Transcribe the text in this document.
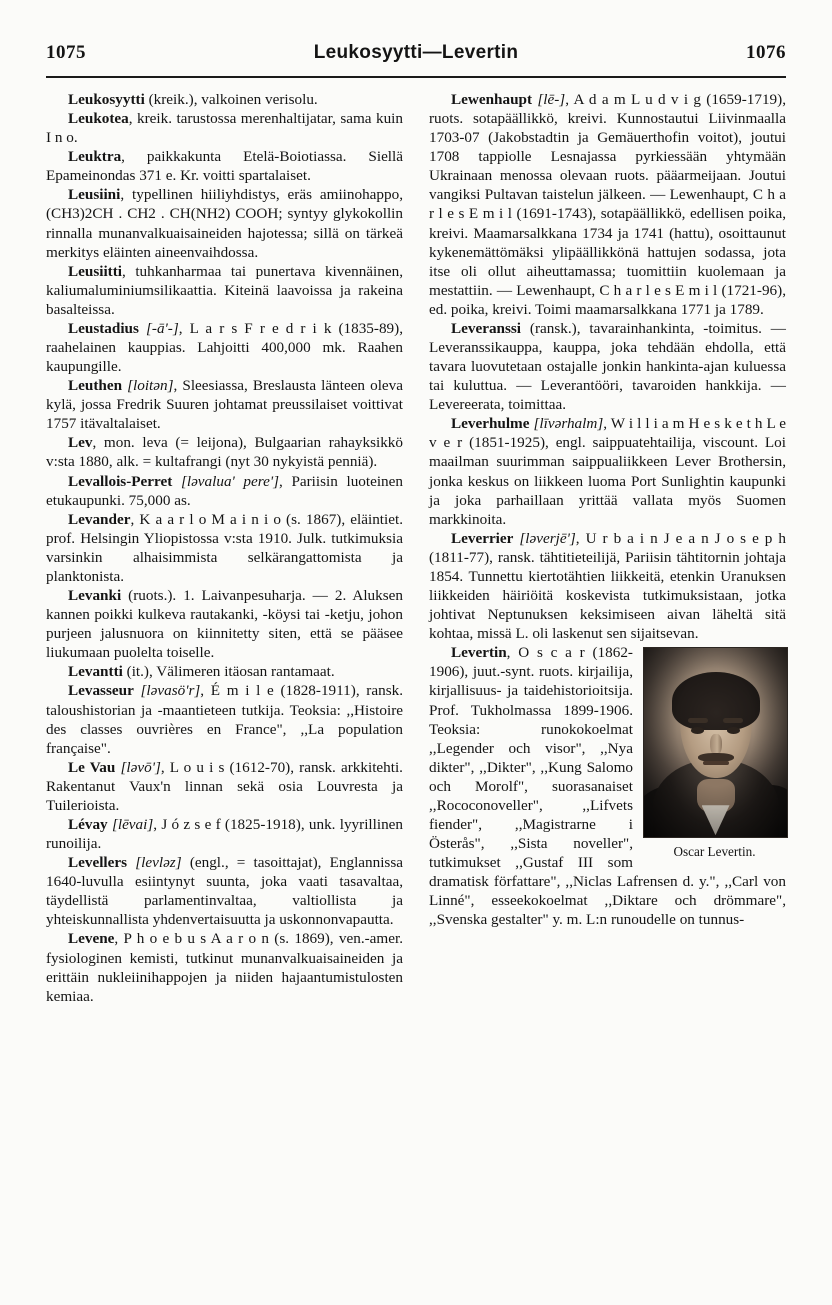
1075	Leukosyytti—Levertin	1076

Leukosyytti (kreik.), valkoinen verisolu.

Leukotea, kreik. tarustossa merenhaltijatar, sama kuin I n o.

Leuktra, paikkakunta Etelä-Boiotiassa. Siellä Epameinondas 371 e. Kr. voitti spartalaiset.

Leusiini, typellinen hiiliyhdistys, eräs amiinohappo, (CH3)2CH . CH2 . CH(NH2) COOH; syntyy glykokollin rinnalla munanvalkuaisaineiden hajotessa; sillä on tärkeä merkitys eläinten aineenvaihdossa.

Leusiitti, tuhkanharmaa tai punertava kivennäinen, kaliumaluminiumsilikaattia. Kiteinä laavoissa ja rakeina basalteissa.

Leustadius [-ā'-], L a r s F r e d r i k (1835-89), raahelainen kauppias. Lahjoitti 400,000 mk. Raahen kaupungille.

Leuthen [loitən], Sleesiassa, Breslausta länteen oleva kylä, jossa Fredrik Suuren johtamat preussilaiset voittivat 1757 itävaltalaiset.

Lev, mon. leva (= leijona), Bulgaarian rahayksikkö v:sta 1880, alk. = kultafrangi (nyt 30 nykyistä penniä).

Levallois-Perret [ləvalua' pere'], Pariisin luoteinen etukaupunki. 75,000 as.

Levander, K a a r l o M a i n i o (s. 1867), eläintiet. prof. Helsingin Yliopistossa v:sta 1910. Julk. tutkimuksia varsinkin alhaisimmista selkärangattomista ja planktonista.

Levanki (ruots.). 1. Laivanpesuharja. — 2. Aluksen kannen poikki kulkeva rautakanki, -köysi tai -ketju, johon purjeen jalusnuora on kiinnitetty siten, että se pääsee liukumaan puolelta toiselle.

Levantti (it.), Välimeren itäosan rantamaat.

Levasseur [ləvasö'r], É m i l e (1828-1911), ransk. taloushistorian ja -maantieteen tutkija. Teoksia: ,,Histoire des classes ouvrières en France", ,,La population française".

Le Vau [ləvō'], L o u i s (1612-70), ransk. arkkitehti. Rakentanut Vaux'n linnan sekä osia Louvresta ja Tuilerioista.

Lévay [lēvai], J ó z s e f (1825-1918), unk. lyyrillinen runoilija.

Levellers [levləz] (engl., = tasoittajat), Englannissa 1640-luvulla esiintynyt suunta, joka vaati tasavaltaa, täydellistä parlamentinvaltaa, valtiollista ja yhteiskunnallista yhdenvertaisuutta ja uskonnonvapautta.

Levene, P h o e b u s A a r o n (s. 1869), ven.-amer. fysiologinen kemisti, tutkinut munanvalkuaisaineiden ja erittäin nukleiinihappojen ja niiden hajaantumistulosten kemiaa.

Lewenhaupt [lē-], A d a m L u d v i g (1659-1719), ruots. sotapäällikkö, kreivi. Kunnostautui Liivinmaalla 1703-07 (Jakobstadtin ja Gemäuerthofin voitot), joutui 1708 tappiolle Lesnajassa pyrkiessään yhtymään Ukrainaan menossa olevaan ruots. pääarmeijaan. Joutui vangiksi Pultavan taistelun jälkeen. — Lewenhaupt, C h a r l e s E m i l (1691-1743), sotapäällikkö, edellisen poika, kreivi. Maamarsalkkana 1734 ja 1741 (hattu), osoittaunut kykenemättömäksi ylipäällikkönä hattujen sodassa, jota itse oli ollut aiheuttamassa; tuomittiin kuolemaan ja mestattiin. — Lewenhaupt, C h a r l e s E m i l (1721-96), ed. poika, kreivi. Toimi maamarsalkkana 1771 ja 1789.

Leveranssi (ransk.), tavarainhankinta, -toimitus. — Leveranssikauppa, kauppa, joka tehdään ehdolla, että tavara luovutetaan ostajalle jonkin hankinta-ajan kuluessa tai kuluttua. — Leverantööri, tavaroiden hankkija. — Levereerata, toimittaa.

Leverhulme [līvərhalm], W i l l i a m H e s k e t h L e v e r (1851-1925), engl. saippuatehtailija, viscount. Loi maailman suurimman saippualiikkeen Lever Brothersin, jonka keskus on liikkeen luoma Port Sunlightin kaupunki ja joka parhaillaan yrittää vallata myös Suomen markkinoita.

Leverrier [ləverjē'], U r b a i n J e a n J o s e p h (1811-77), ransk. tähtitieteilijä, Pariisin tähtitornin johtaja 1854. Tunnettu kiertotähtien liikkeitä, etenkin Uranuksen liikkeiden häiriöitä koskevista tutkimuksistaan, jotka johtivat Neptunuksen keksimiseen aivan läheltä sitä kohtaa, missä L. oli laskenut sen sijaitsevan.

Oscar Levertin.

Levertin, O s c a r (1862-1906), juut.-synt. ruots. kirjailija, kirjallisuus- ja taidehistorioitsija. Prof. Tukholmassa 1899-1906. Teoksia: runokokoelmat ,,Legender och visor", ,,Nya dikter", ,,Dikter", ,,Kung Salomo och Morolf", suorasanaiset ,,Rococonoveller", ,,Lifvets fiender", ,,Magistrarne i Österås", ,,Sista noveller", tutkimukset ,,Gustaf III som dramatisk författare", ,,Niclas Lafrensen d. y.", ,,Carl von Linné", esseekokoelmat ,,Diktare och drömmare", ,,Svenska gestalter" y. m. L:n runoudelle on tunnus-
